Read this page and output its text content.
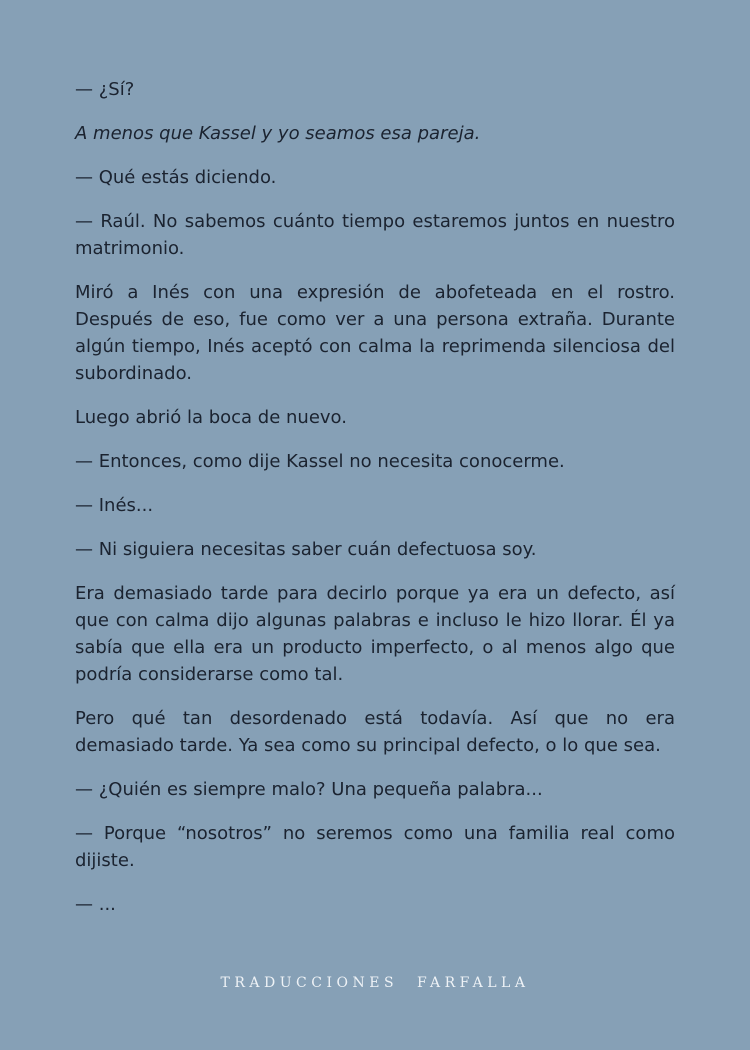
— ¿Sí?

A menos que Kassel y yo seamos esa pareja.

— Qué estás diciendo.

— Raúl. No sabemos cuánto tiempo estaremos juntos en nuestro matrimonio.

Miró a Inés con una expresión de abofeteada en el rostro. Después de eso, fue como ver a una persona extraña. Durante algún tiempo, Inés aceptó con calma la reprimenda silenciosa del subordinado.

Luego abrió la boca de nuevo.

— Entonces, como dije Kassel no necesita conocerme.

— Inés...

— Ni siguiera necesitas saber cuán defectuosa soy.

Era demasiado tarde para decirlo porque ya era un defecto, así que con calma dijo algunas palabras e incluso le hizo llorar. Él ya sabía que ella era un producto imperfecto, o al menos algo que podría considerarse como tal.

Pero qué tan desordenado está todavía. Así que no era demasiado tarde. Ya sea como su principal defecto, o lo que sea.

— ¿Quién es siempre malo? Una pequeña palabra...

— Porque “nosotros” no seremos como una familia real como dijiste.

— ...

TRADUCCIONES FARFALLA
